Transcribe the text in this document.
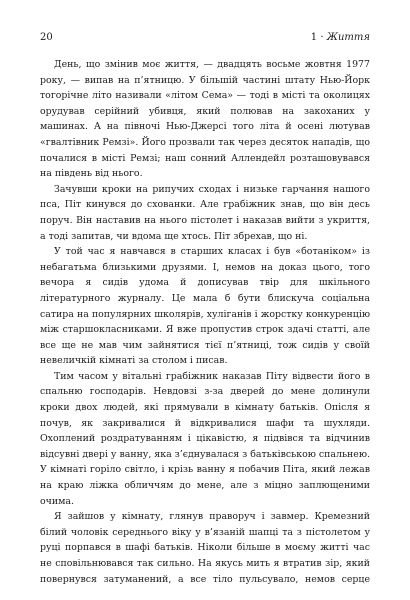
20	1 · Життя

День, що змінив моє життя, — двадцять восьме жовтня 1977 року, — випав на п’ятницю. У більшій частині штату Нью-Йорк тогорічне літо називали «літом Сема» — тоді в місті та околицях орудував серійний убивця, який полював на закоханих у машинах. А на півночі Нью-Джерсі того літа й осені лютував «гвалтівник Ремзі». Його прозвали так через десяток нападів, що почалися в місті Ремзі; наш сонний Аллендейл розташовувався на південь від нього.

Зачувши кроки на рипучих сходах і низьке гарчання нашого пса, Піт кинувся до схованки. Але грабіжник знав, що він десь поруч. Він наставив на нього пістолет і наказав вийти з укриття, а тоді запитав, чи вдома ще хтось. Піт збрехав, що ні.

У той час я навчався в старших класах і був «ботаніком» із небагатьма близькими друзями. І, немов на доказ цього, того вечора я сидів удома й дописував твір для шкільного літературного журналу. Це мала б бути блискуча соціальна сатира на популярних школярів, хуліганів і жорстку конкуренцію між старшокласниками. Я вже пропустив строк здачі статті, але все ще не мав чим зайнятися тієї п’ятниці, тож сидів у своїй невеличкій кімнаті за столом і писав.

Тим часом у вітальні грабіжник наказав Піту відвести його в спальню господарів. Невдовзі з-за дверей до мене долинули кроки двох людей, які прямували в кімнату батьків. Опісля я почув, як закривалися й відкривалися шафи та шухляди. Охоплений роздратуванням і цікавістю, я підвівся та відчинив відсувні двері у ванну, яка з’єднувалася з батьківською спальнею. У кімнаті горіло світло, і крізь ванну я побачив Піта, який лежав на краю ліжка обличчям до мене, але з міцно заплющеними очима.

Я зайшов у кімнату, глянув праворуч і завмер. Кремезний білий чоловік середнього віку у в’язаній шапці та з пістолетом у руці порпався в шафі батьків. Ніколи більше в моєму житті час не сповільнювався так сильно. На якусь мить я втратив зір, який повернувся затуманений, а все тіло пульсувало, немов серце
